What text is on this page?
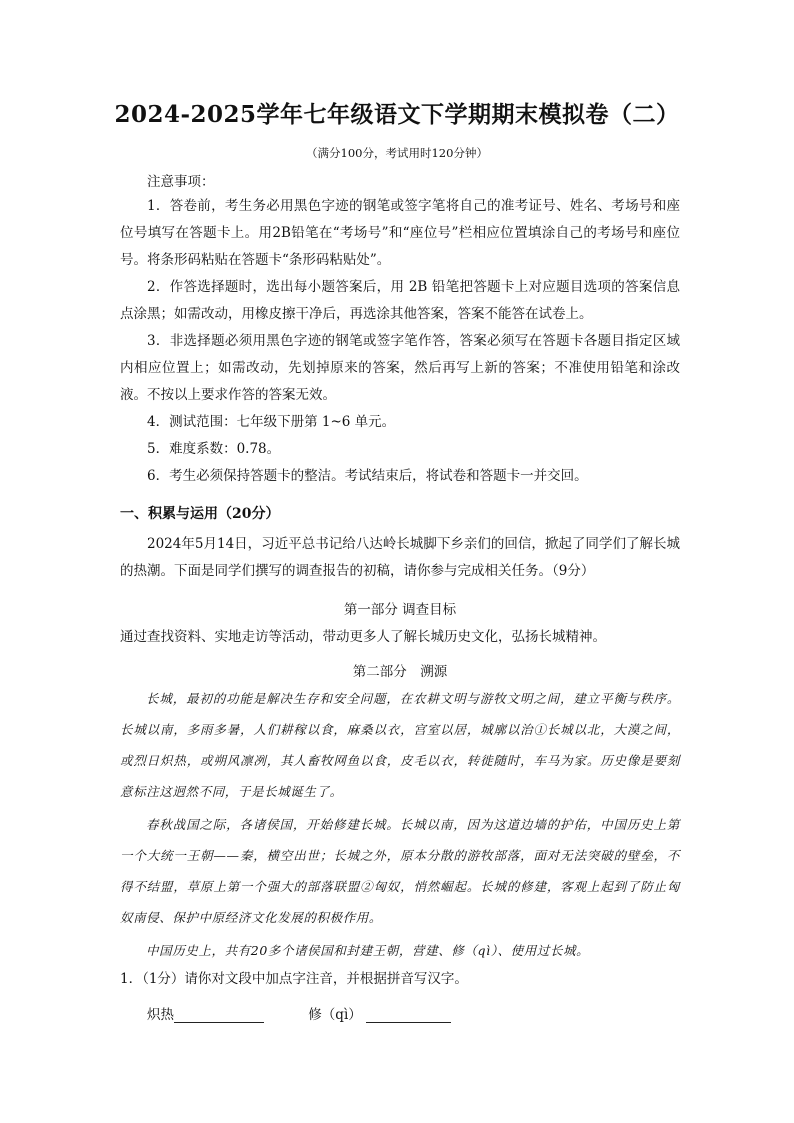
2024-2025学年七年级语文下学期期末模拟卷（二）
（满分100分，考试用时120分钟）
注意事项：

1．答卷前，考生务必用黑色字迹的钢笔或签字笔将自己的准考证号、姓名、考场号和座位号填写在答题卡上。用2B铅笔在“考场号”和“座位号”栏相应位置填涂自己的考场号和座位号。将条形码粘贴在答题卡“条形码粘贴处”。

2．作答选择题时，选出每小题答案后，用 2B 铅笔把答题卡上对应题目选项的答案信息点涂黑；如需改动，用橡皮擦干净后，再选涂其他答案，答案不能答在试卷上。

3．非选择题必须用黑色字迹的钢笔或签字笔作答，答案必须写在答题卡各题目指定区域内相应位置上；如需改动，先划掉原来的答案，然后再写上新的答案；不准使用铅笔和涂改液。不按以上要求作答的答案无效。

4．测试范围：七年级下册第 1~6 单元。

5．难度系数：0.78。

6．考生必须保持答题卡的整洁。考试结束后，将试卷和答题卡一并交回。

一、积累与运用（20分）

2024年5月14日，习近平总书记给八达岭长城脚下乡亲们的回信，掀起了同学们了解长城的热潮。下面是同学们撰写的调查报告的初稿，请你参与完成相关任务。（9分）

第一部分 调查目标

通过查找资料、实地走访等活动，带动更多人了解长城历史文化，弘扬长城精神。

第二部分　溯源

长城，最初的功能是解决生存和安全问题，在农耕文明与游牧文明之间，建立平衡与秩序。长城以南，多雨多暑，人们耕稼以食，麻桑以衣，宫室以居，城廓以治①长城以北，大漠之间，或烈日炽热，或朔风凛冽，其人畜牧网鱼以食，皮毛以衣，转徙随时，车马为家。历史像是要刻意标注这迥然不同，于是长城诞生了。

春秋战国之际，各诸侯国，开始修建长城。长城以南，因为这道边墙的护佑，中国历史上第一个大统一王朝——秦，横空出世；长城之外，原本分散的游牧部落，面对无法突破的壁垒，不得不结盟，草原上第一个强大的部落联盟②匈奴，悄然崛起。长城的修建，客观上起到了防止匈奴南侵、保护中原经济文化发展的积极作用。

中国历史上，共有20多个诸侯国和封建王朝，营建、修（qì）、使用过长城。

1．（1分）请你对文段中加点字注音，并根据拼音写汉字。

炽热	修（qì）
